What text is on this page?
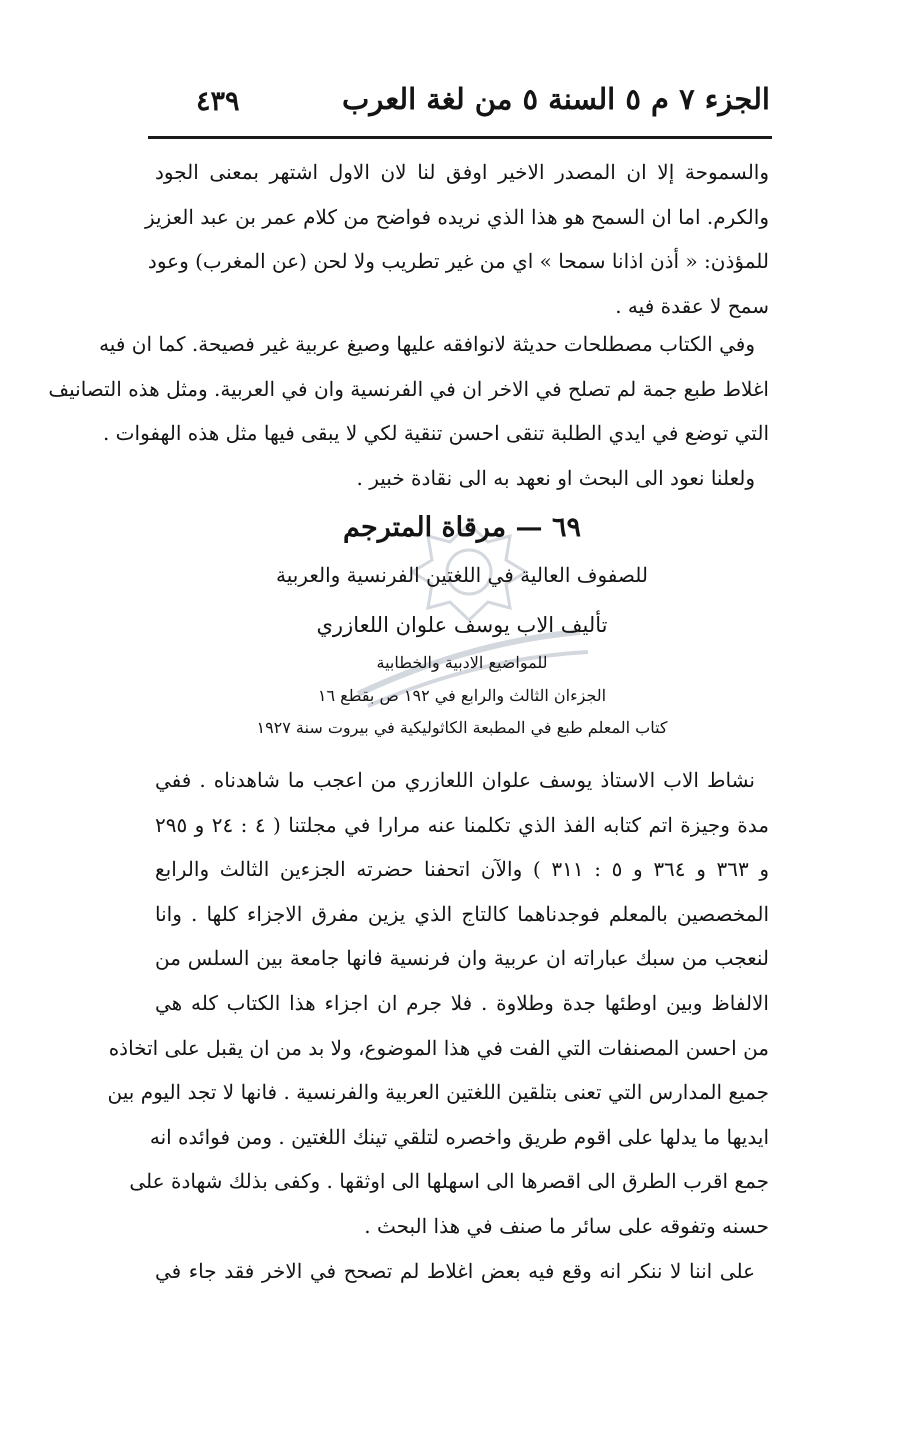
الجزء ٧ م ٥ السنة ٥ من لغة العرب
٤٣٩
والسموحة إلا ان المصدر الاخير اوفق لنا لان الاول اشتهر بمعنى الجود
والكرم. اما ان السمح هو هذا الذي نريده فواضح من كلام عمر بن عبد العزيز
للمؤذن: « أذن اذانا سمحا » اي من غير تطريب ولا لحن (عن المغرب) وعود
سمح لا عقدة فيه .
وفي الكتاب مصطلحات حديثة لانوافقه عليها وصيغ عربية غير فصيحة. كما ان فيه
اغلاط طبع جمة لم تصلح في الاخر ان في الفرنسية وان في العربية. ومثل هذه التصانيف
التي توضع في ايدي الطلبة تنقى احسن تنقية لكي لا يبقى فيها مثل هذه الهفوات .
ولعلنا نعود الى البحث او نعهد به الى نقادة خبير .
٦٩ — مرقاة المترجم
للصفوف العالية في اللغتين الفرنسية والعربية
تأليف الاب يوسف علوان اللعازري
للمواضيع الادبية والخطابية
الجزءان الثالث والرابع في ١٩٢ ص بقطع ١٦
كتاب المعلم طبع في المطبعة الكاثوليكية في بيروت سنة ١٩٢٧
نشاط الاب الاستاذ يوسف علوان اللعازري من اعجب ما شاهدناه . ففي
مدة وجيزة اتم كتابه الفذ الذي تكلمنا عنه مرارا في مجلتنا ( ٤ : ٢٤ و ٢٩٥
و ٣٦٣ و ٣٦٤ و ٥ : ٣١١ ) والآن اتحفنا حضرته الجزءين الثالث والرابع
المخصصين بالمعلم فوجدناهما كالتاج الذي يزين مفرق الاجزاء كلها . وانا
لنعجب من سبك عباراته ان عربية وان فرنسية فانها جامعة بين السلس من
الالفاظ وبين اوطئها جدة وطلاوة . فلا جرم ان اجزاء هذا الكتاب كله هي
من احسن المصنفات التي الفت في هذا الموضوع، ولا بد من ان يقبل على اتخاذه
جميع المدارس التي تعنى بتلقين اللغتين العربية والفرنسية . فانها لا تجد اليوم بين
ايديها ما يدلها على اقوم طريق واخصره لتلقي تينك اللغتين . ومن فوائده انه
جمع اقرب الطرق الى اقصرها الى اسهلها الى اوثقها . وكفى بذلك شهادة على
حسنه وتفوقه على سائر ما صنف في هذا البحث .
على اننا لا ننكر انه وقع فيه بعض اغلاط لم تصحح في الاخر فقد جاء في
